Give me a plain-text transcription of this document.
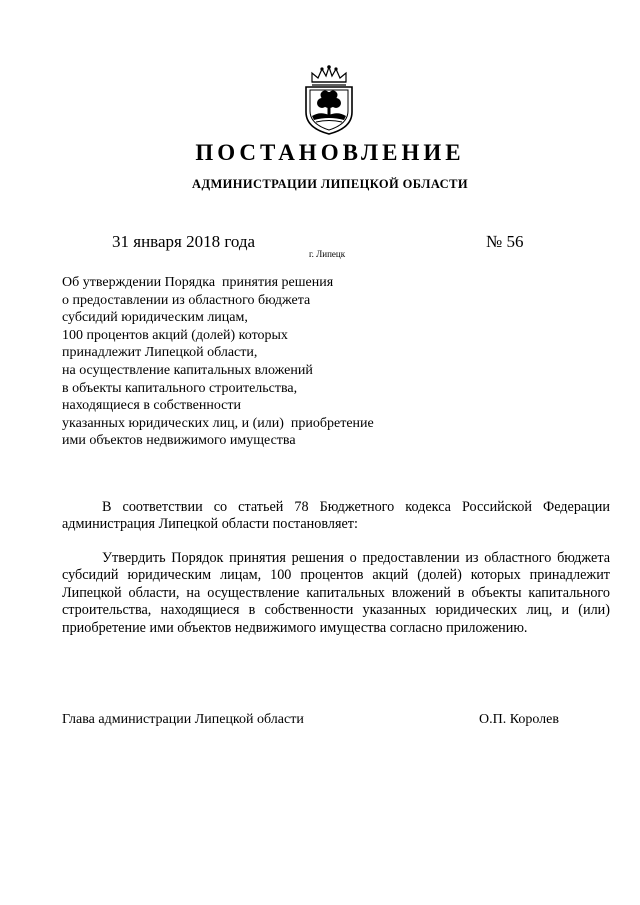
ПОСТАНОВЛЕНИЕ
АДМИНИСТРАЦИИ ЛИПЕЦКОЙ ОБЛАСТИ
31 января 2018 года
г. Липецк
№ 56
Об утверждении Порядка  принятия решения
о предоставлении из областного бюджета
субсидий юридическим лицам,
100 процентов акций (долей) которых
принадлежит Липецкой области,
на осуществление капитальных вложений
в объекты капитального строительства,
находящиеся в собственности
указанных юридических лиц, и (или)  приобретение
ими объектов недвижимого имущества

В соответствии со статьей 78 Бюджетного кодекса Российской Федерации администрация Липецкой области постановляет:

Утвердить Порядок принятия решения о предоставлении из областного бюджета субсидий юридическим лицам, 100 процентов акций (долей) которых принадлежит Липецкой области, на осуществление капитальных вложений в объекты капитального строительства, находящиеся в собственности указанных юридических лиц, и (или) приобретение ими объектов недвижимого имущества согласно приложению.

Глава администрации Липецкой области	О.П. Королев
